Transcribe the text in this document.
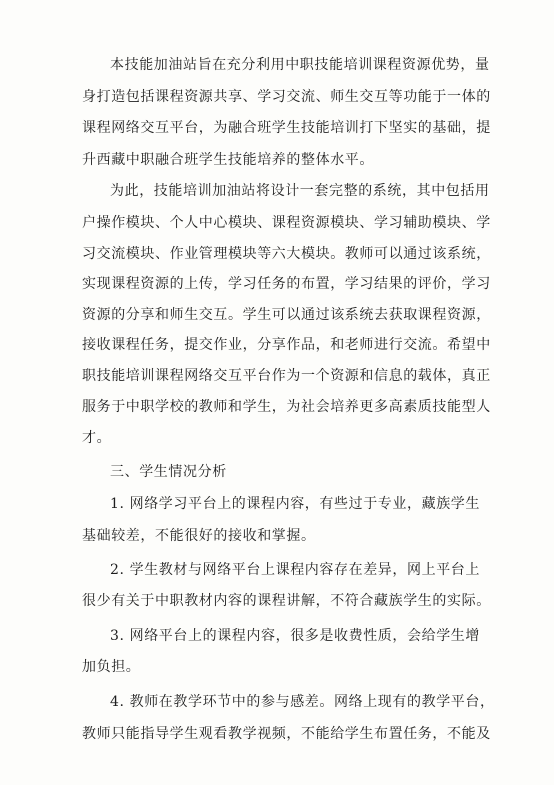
本技能加油站旨在充分利用中职技能培训课程资源优势，量
身打造包括课程资源共享、学习交流、师生交互等功能于一体的
课程网络交互平台，为融合班学生技能培训打下坚实的基础，提
升西藏中职融合班学生技能培养的整体水平。
为此，技能培训加油站将设计一套完整的系统，其中包括用
户操作模块、个人中心模块、课程资源模块、学习辅助模块、学
习交流模块、作业管理模块等六大模块。教师可以通过该系统，
实现课程资源的上传，学习任务的布置，学习结果的评价，学习
资源的分享和师生交互。学生可以通过该系统去获取课程资源，
接收课程任务，提交作业，分享作品，和老师进行交流。希望中
职技能培训课程网络交互平台作为一个资源和信息的载体，真正
服务于中职学校的教师和学生，为社会培养更多高素质技能型人
才。
三、学生情况分析
1. 网络学习平台上的课程内容，有些过于专业，藏族学生
基础较差，不能很好的接收和掌握。
2. 学生教材与网络平台上课程内容存在差异，网上平台上
很少有关于中职教材内容的课程讲解，不符合藏族学生的实际。
3. 网络平台上的课程内容，很多是收费性质，会给学生增
加负担。
4. 教师在教学环节中的参与感差。网络上现有的教学平台，
教师只能指导学生观看教学视频，不能给学生布置任务，不能及
